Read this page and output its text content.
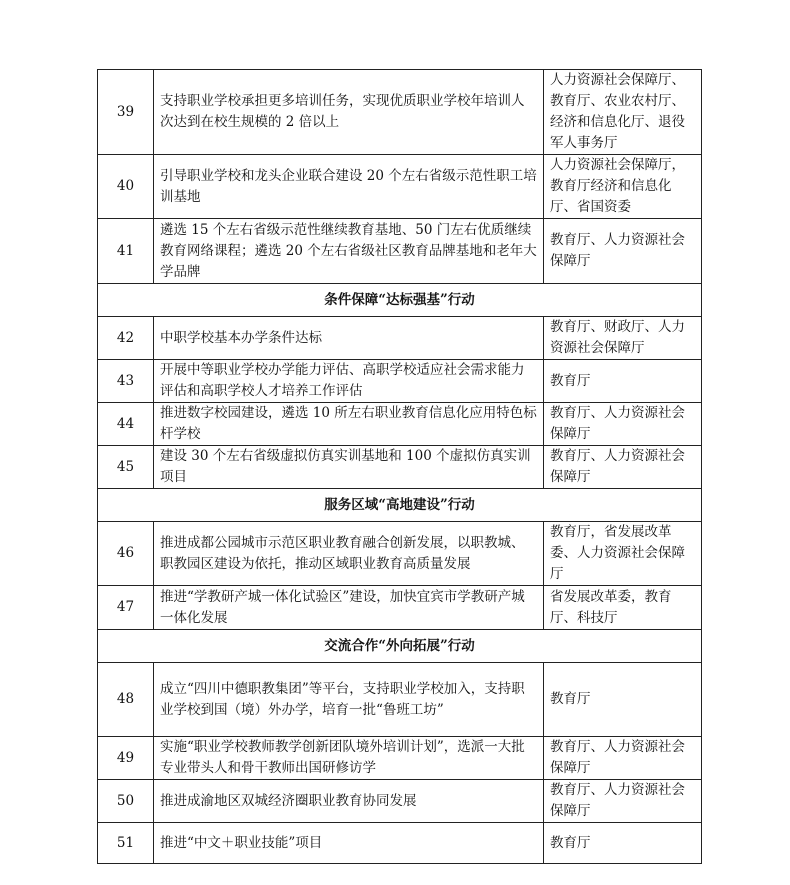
39	支持职业学校承担更多培训任务，实现优质职业学校年培训人次达到在校生规模的 2 倍以上	人力资源社会保障厅、教育厅、农业农村厅、经济和信息化厅、退役军人事务厅
40	引导职业学校和龙头企业联合建设 20 个左右省级示范性职工培训基地	人力资源社会保障厅，教育厅经济和信息化厅、省国资委
41	遴选 15 个左右省级示范性继续教育基地、50 门左右优质继续教育网络课程；遴选 20 个左右省级社区教育品牌基地和老年大学品牌	教育厅、人力资源社会保障厅
条件保障“达标强基”行动		
42	中职学校基本办学条件达标	教育厅、财政厅、人力资源社会保障厅
43	开展中等职业学校办学能力评估、高职学校适应社会需求能力评估和高职学校人才培养工作评估	教育厅
44	推进数字校园建设，遴选 10 所左右职业教育信息化应用特色标杆学校	教育厅、人力资源社会保障厅
45	建设 30 个左右省级虚拟仿真实训基地和 100 个虚拟仿真实训项目	教育厅、人力资源社会保障厅
服务区域“高地建设”行动		
46	推进成都公园城市示范区职业教育融合创新发展，以职教城、职教园区建设为依托，推动区域职业教育高质量发展	教育厅，省发展改革委、人力资源社会保障厅
47	推进“学教研产城一体化试验区”建设，加快宜宾市学教研产城一体化发展	省发展改革委，教育厅、科技厅
交流合作“外向拓展”行动		
48	成立“四川中德职教集团”等平台，支持职业学校加入，支持职业学校到国（境）外办学，培育一批“鲁班工坊”	教育厅
49	实施“职业学校教师教学创新团队境外培训计划”，选派一大批专业带头人和骨干教师出国研修访学	教育厅、人力资源社会保障厅
50	推进成渝地区双城经济圈职业教育协同发展	教育厅、人力资源社会保障厅
51	推进“中文＋职业技能”项目	教育厅
